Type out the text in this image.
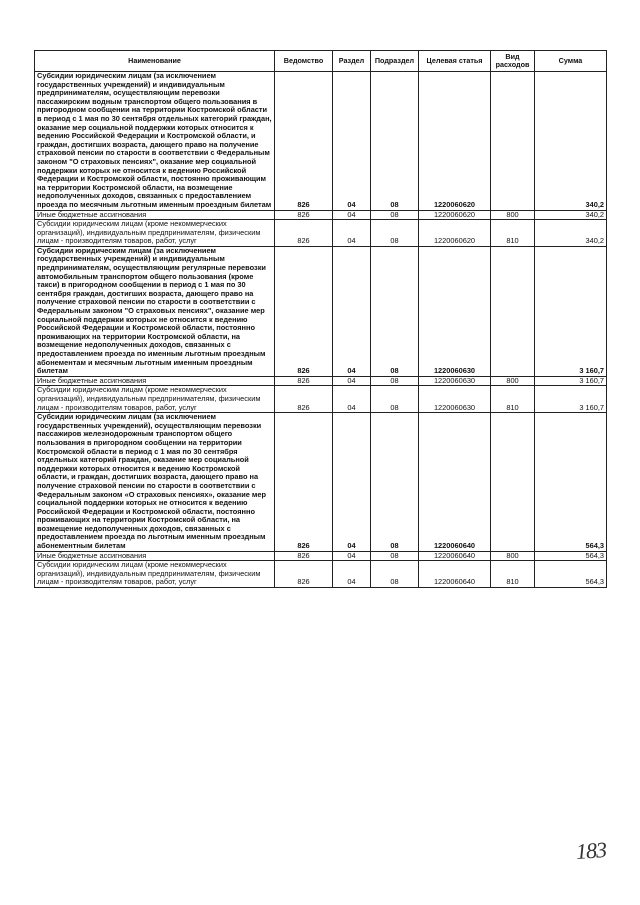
Наименование	Ведомство	Раздел	Подраздел	Целевая статья	Вид расходов	Сумма
Субсидии юридическим лицам (за исключением государственных учреждений) и индивидуальным предпринимателям, осуществляющим перевозки пассажирским водным транспортом общего пользования в пригородном сообщении на территории Костромской области в период с 1 мая по 30 сентября отдельных категорий граждан, оказание мер социальной поддержки которых относится к ведению Российской Федерации и Костромской области, и граждан, достигших возраста, дающего право на получение страховой пенсии по старости в соответствии с Федеральным законом "О страховых пенсиях", оказание мер социальной поддержки которых не относится к ведению Российской Федерации и Костромской области, постоянно проживающим на территории Костромской области, на возмещение недополученных доходов, связанных с предоставлением проезда по месячным льготным именным проездным билетам	826	04	08	1220060620		340,2
Иные бюджетные ассигнования	826	04	08	1220060620	800	340,2
Субсидии юридическим лицам (кроме некоммерческих организаций), индивидуальным предпринимателям, физическим лицам - производителям товаров, работ, услуг	826	04	08	1220060620	810	340,2
Субсидии юридическим лицам (за исключением государственных учреждений) и индивидуальным предпринимателям, осуществляющим регулярные перевозки автомобильным транспортом общего пользования (кроме такси) в пригородном сообщении в период с 1 мая по 30 сентября граждан, достигших возраста, дающего право на получение страховой пенсии по старости в соответствии с Федеральным законом "О страховых пенсиях", оказание мер социальной поддержки которых не относится к ведению Российской Федерации и Костромской области, постоянно проживающих на территории Костромской области, на возмещение недополученных доходов, связанных с предоставлением проезда по именным льготным проездным абонементам и месячным льготным именным проездным билетам	826	04	08	1220060630		3 160,7
Иные бюджетные ассигнования	826	04	08	1220060630	800	3 160,7
Субсидии юридическим лицам (кроме некоммерческих организаций), индивидуальным предпринимателям, физическим лицам - производителям товаров, работ, услуг	826	04	08	1220060630	810	3 160,7
Субсидии юридическим лицам (за исключением государственных учреждений), осуществляющим перевозки пассажиров железнодорожным транспортом общего пользования в пригородном сообщении на территории Костромской области в период с 1 мая по 30 сентября отдельных категорий граждан, оказание мер социальной поддержки которых относится к ведению Костромской области, и граждан, достигших возраста, дающего право на получение страховой пенсии по старости в соответствии с Федеральным законом «О страховых пенсиях», оказание мер социальной поддержки которых не относится к ведению Российской Федерации и Костромской области, постоянно проживающих на территории Костромской области, на возмещение недополученных доходов, связанных с предоставлением проезда по льготным именным проездным абонементным билетам	826	04	08	1220060640		564,3
Иные бюджетные ассигнования	826	04	08	1220060640	800	564,3
Субсидии юридическим лицам (кроме некоммерческих организаций), индивидуальным предпринимателям, физическим лицам - производителям товаров, работ, услуг	826	04	08	1220060640	810	564,3
183
